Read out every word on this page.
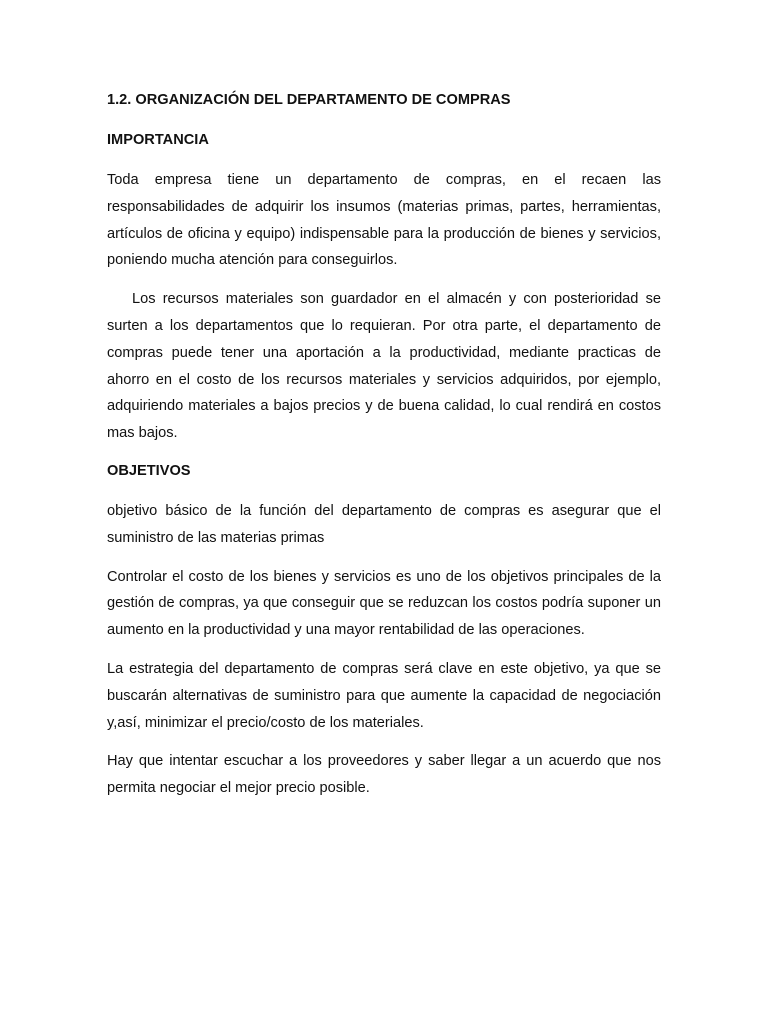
1.2. ORGANIZACIÓN DEL DEPARTAMENTO DE COMPRAS
IMPORTANCIA

Toda empresa tiene un departamento de compras, en el recaen las responsabilidades de adquirir los insumos (materias primas, partes, herramientas, artículos de oficina y equipo) indispensable para la producción de bienes y servicios, poniendo mucha atención para conseguirlos.

Los recursos materiales son guardador en el almacén y con posterioridad se surten a los departamentos que lo requieran. Por otra parte, el departamento de compras puede tener una aportación a la productividad, mediante practicas de ahorro en el costo de los recursos materiales y servicios adquiridos, por ejemplo, adquiriendo materiales a bajos precios y de buena calidad, lo cual rendirá en costos mas bajos.

OBJETIVOS

objetivo básico de la función del departamento de compras es asegurar que el suministro de las materias primas

Controlar el costo de los bienes y servicios es uno de los objetivos principales de la gestión de compras, ya que conseguir que se reduzcan los costos podría suponer un aumento en la productividad y una mayor rentabilidad de las operaciones.

La estrategia del departamento de compras será clave en este objetivo, ya que se buscarán alternativas de suministro para que aumente la capacidad de negociación y,así, minimizar el precio/costo de los materiales.

Hay que intentar escuchar a los proveedores y saber llegar a un acuerdo que nos permita negociar el mejor precio posible.
